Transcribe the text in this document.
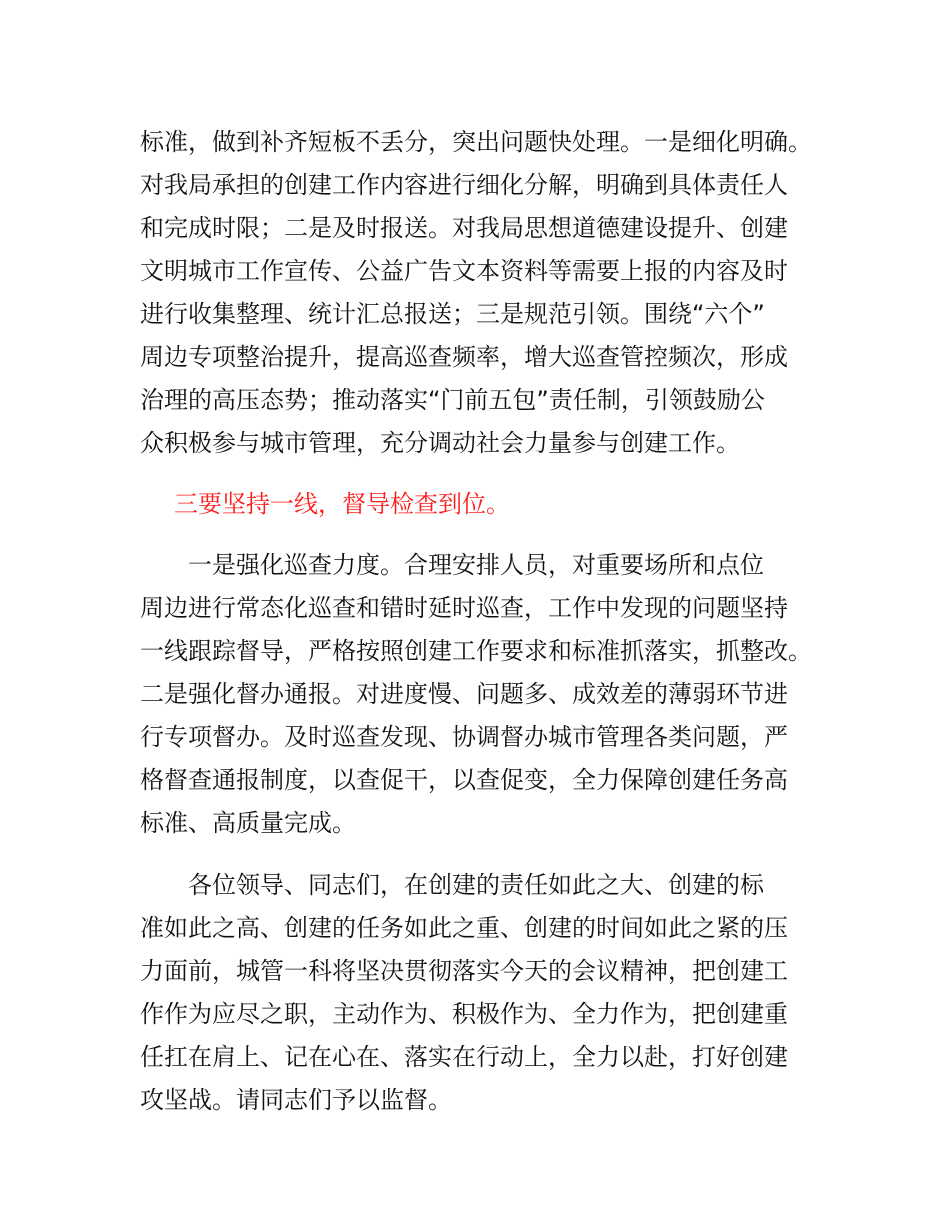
标准，做到补齐短板不丢分，突出问题快处理。一是细化明确。
对我局承担的创建工作内容进行细化分解，明确到具体责任人
和完成时限；二是及时报送。对我局思想道德建设提升、创建
文明城市工作宣传、公益广告文本资料等需要上报的内容及时
进行收集整理、统计汇总报送；三是规范引领。围绕“六个”
周边专项整治提升，提高巡查频率，增大巡查管控频次，形成
治理的高压态势；推动落实“门前五包”责任制，引领鼓励公
众积极参与城市管理，充分调动社会力量参与创建工作。
三要坚持一线，督导检查到位。
一是强化巡查力度。合理安排人员，对重要场所和点位
周边进行常态化巡查和错时延时巡查，工作中发现的问题坚持
一线跟踪督导，严格按照创建工作要求和标准抓落实，抓整改。
二是强化督办通报。对进度慢、问题多、成效差的薄弱环节进
行专项督办。及时巡查发现、协调督办城市管理各类问题，严
格督查通报制度，以查促干，以查促变，全力保障创建任务高
标准、高质量完成。
各位领导、同志们，在创建的责任如此之大、创建的标
准如此之高、创建的任务如此之重、创建的时间如此之紧的压
力面前，城管一科将坚决贯彻落实今天的会议精神，把创建工
作作为应尽之职，主动作为、积极作为、全力作为，把创建重
任扛在肩上、记在心在、落实在行动上，全力以赴，打好创建
攻坚战。请同志们予以监督。
